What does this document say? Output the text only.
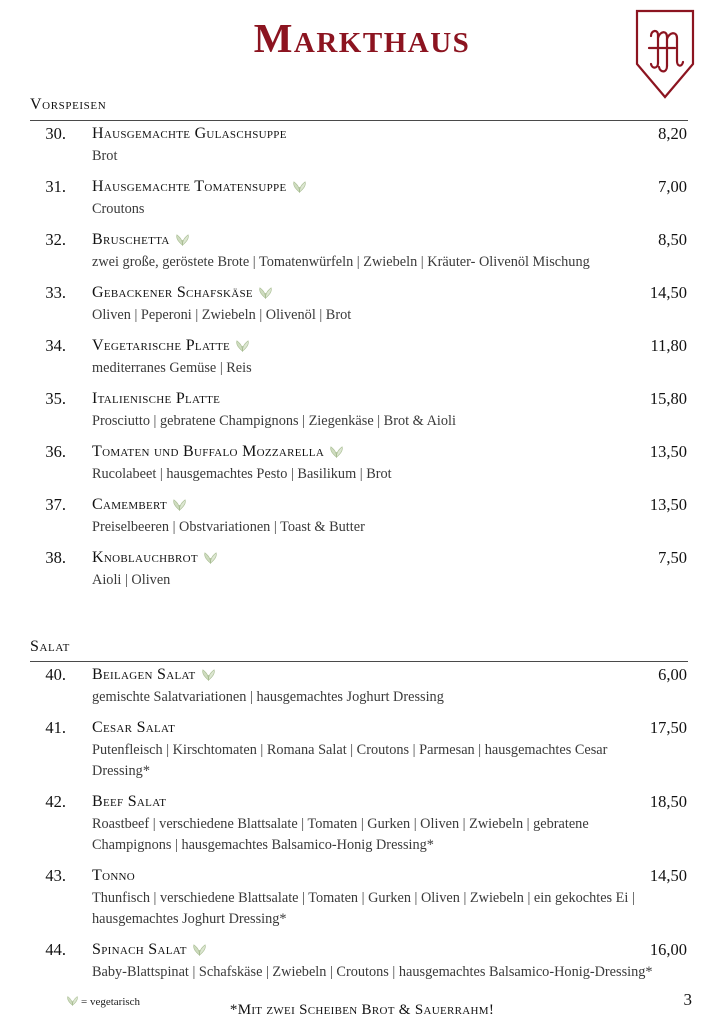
Markthaus
Vorspeisen
30. Hausgemachte Gulaschsuppe	8,20
Brot
31. Hausgemachte Tomatensuppe	7,00
Croutons
32. Bruschetta	8,50
zwei große, geröstete Brote | Tomatenwürfeln | Zwiebeln | Kräuter- Olivenöl Mischung
33. Gebackener Schafskäse	14,50
Oliven | Peperoni | Zwiebeln | Olivenöl | Brot
34. Vegetarische Platte	11,80
mediterranes Gemüse | Reis
35. Italienische Platte	15,80
Prosciutto | gebratene Champignons | Ziegenkäse | Brot & Aioli
36. Tomaten und Buffalo Mozzarella	13,50
Rucolabeet | hausgemachtes Pesto | Basilikum | Brot
37. Camembert	13,50
Preiselbeeren | Obstvariationen | Toast & Butter
38. Knoblauchbrot	7,50
Aioli | Oliven
Salat
40. Beilagen Salat	6,00
gemischte Salatvariationen | hausgemachtes Joghurt Dressing
41. Cesar Salat	17,50
Putenfleisch | Kirschtomaten | Romana Salat | Croutons | Parmesan | hausgemachtes Cesar Dressing*
42. Beef Salat	18,50
Roastbeef | verschiedene Blattsalate | Tomaten | Gurken | Oliven | Zwiebeln | gebratene Champignons | hausgemachtes Balsamico-Honig Dressing*
43. Tonno	14,50
Thunfisch | verschiedene Blattsalate | Tomaten | Gurken | Oliven | Zwiebeln | ein gekochtes Ei | hausgemachtes Joghurt Dressing*
44. Spinach Salat	16,00
Baby-Blattspinat | Schafskäse | Zwiebeln | Croutons | hausgemachtes Balsamico-Honig-Dressing*
*Mit zwei Scheiben Brot & Sauerrahm!
= vegetarisch	3
